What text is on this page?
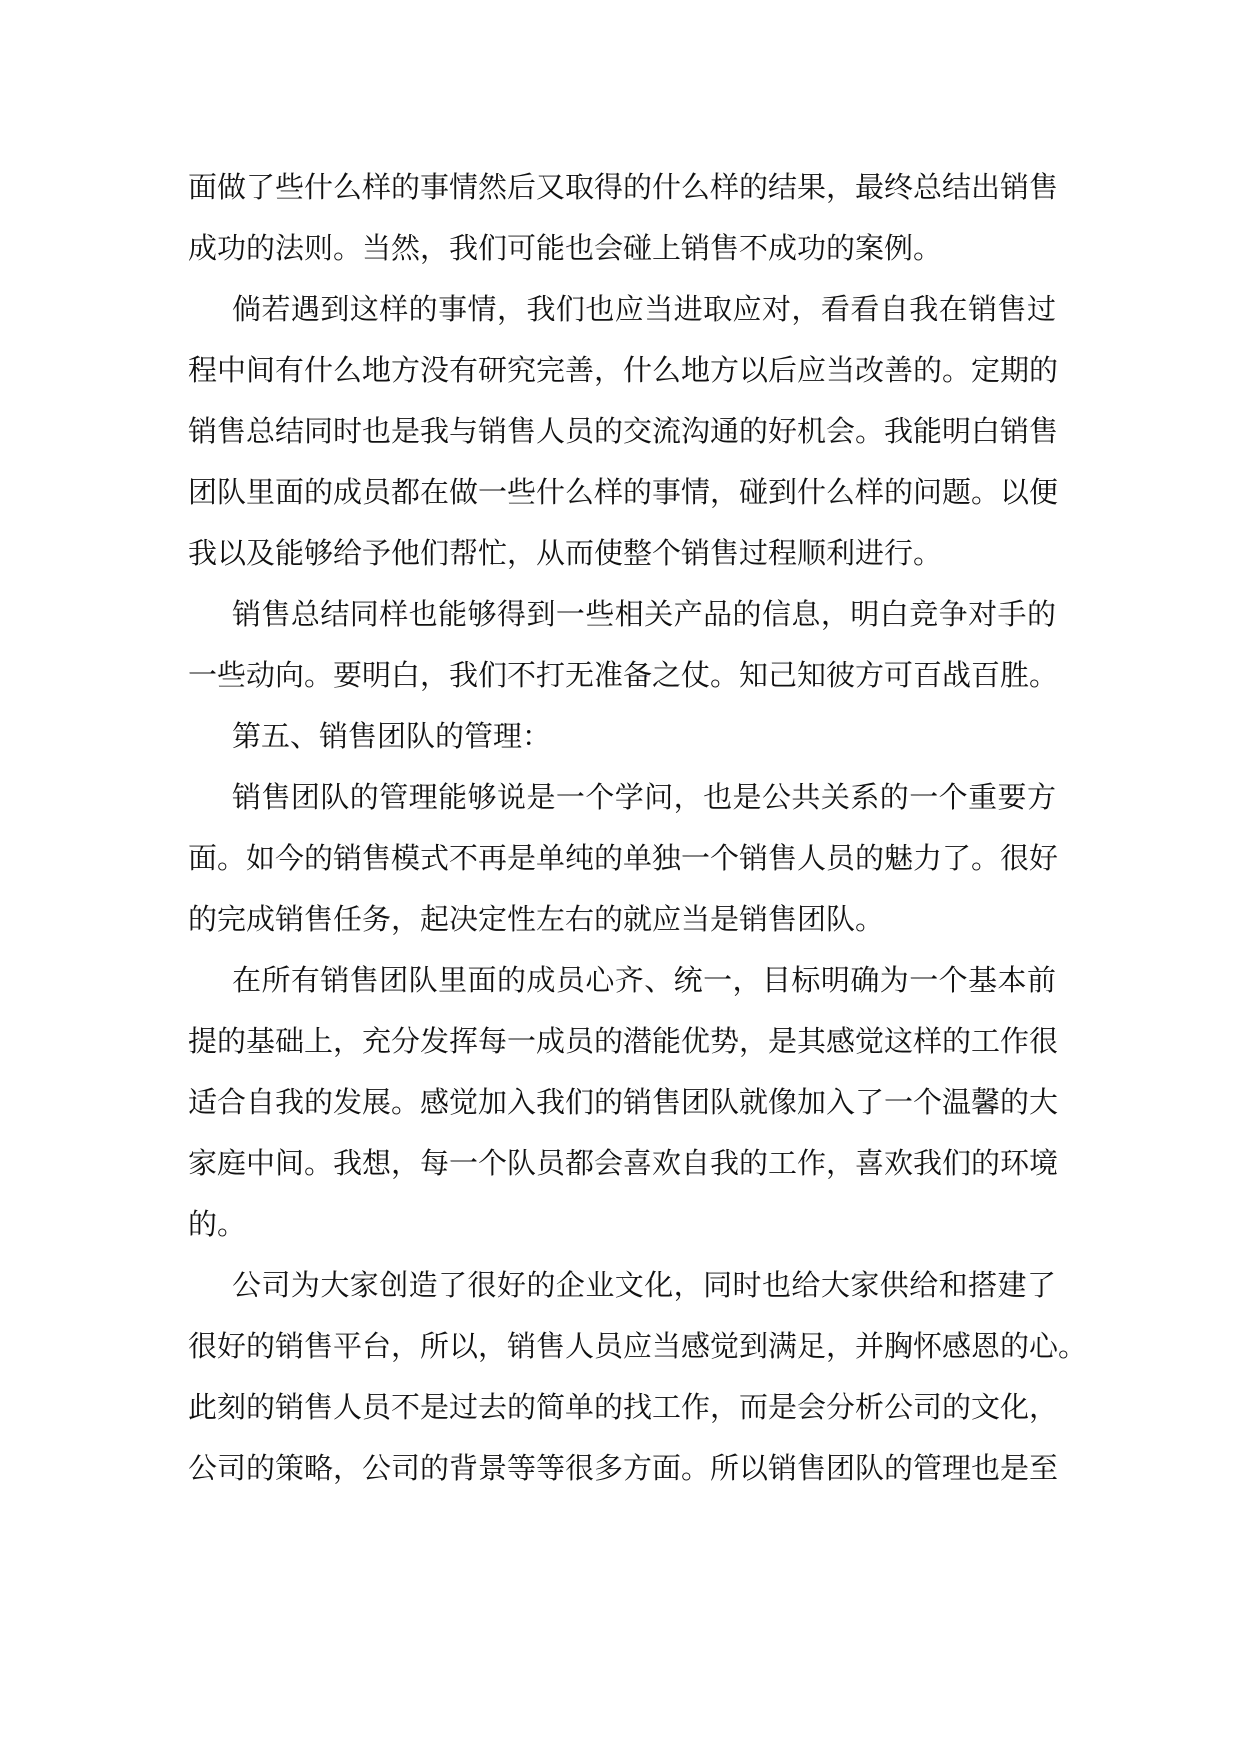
面做了些什么样的事情然后又取得的什么样的结果，最终总结出销售
成功的法则。当然，我们可能也会碰上销售不成功的案例。
倘若遇到这样的事情，我们也应当进取应对，看看自我在销售过
程中间有什么地方没有研究完善，什么地方以后应当改善的。定期的
销售总结同时也是我与销售人员的交流沟通的好机会。我能明白销售
团队里面的成员都在做一些什么样的事情，碰到什么样的问题。以便
我以及能够给予他们帮忙，从而使整个销售过程顺利进行。
销售总结同样也能够得到一些相关产品的信息，明白竞争对手的
一些动向。要明白，我们不打无准备之仗。知己知彼方可百战百胜。
第五、销售团队的管理：
销售团队的管理能够说是一个学问，也是公共关系的一个重要方
面。如今的销售模式不再是单纯的单独一个销售人员的魅力了。很好
的完成销售任务，起决定性左右的就应当是销售团队。
在所有销售团队里面的成员心齐、统一，目标明确为一个基本前
提的基础上，充分发挥每一成员的潜能优势，是其感觉这样的工作很
适合自我的发展。感觉加入我们的销售团队就像加入了一个温馨的大
家庭中间。我想，每一个队员都会喜欢自我的工作，喜欢我们的环境
的。
公司为大家创造了很好的企业文化，同时也给大家供给和搭建了
很好的销售平台，所以，销售人员应当感觉到满足，并胸怀感恩的心。
此刻的销售人员不是过去的简单的找工作，而是会分析公司的文化，
公司的策略，公司的背景等等很多方面。所以销售团队的管理也是至
